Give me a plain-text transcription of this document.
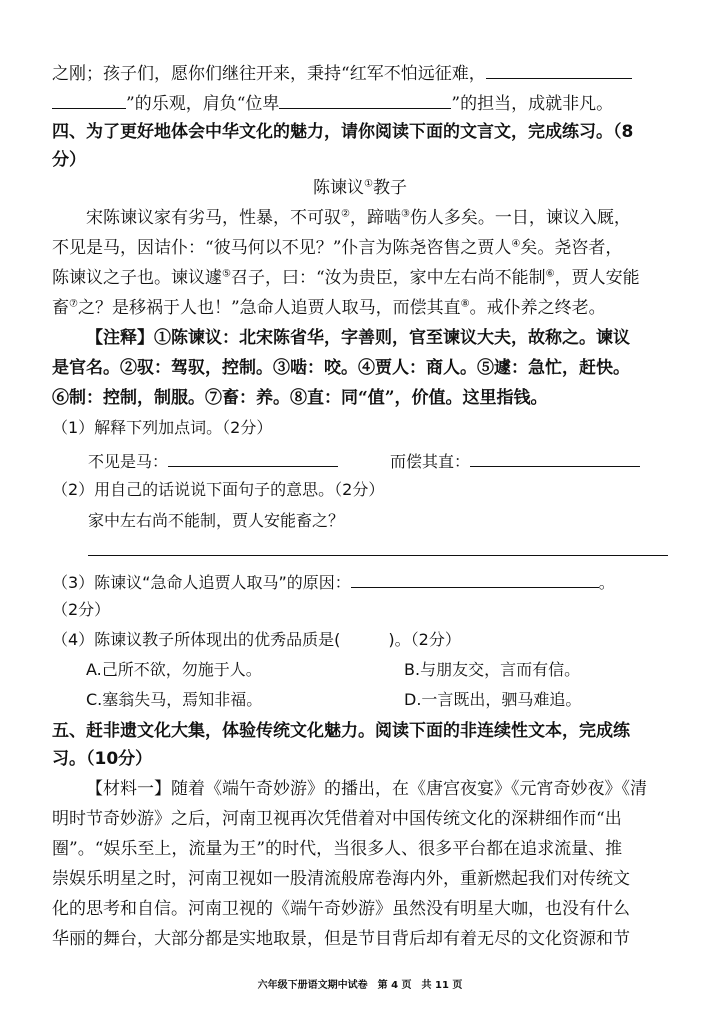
之刚；孩子们，愿你们继往开来，秉持“红军不怕远征难，
”的乐观，肩负“位卑	”的担当，成就非凡。
四、为了更好地体会中华文化的魅力，请你阅读下面的文言文，完成练习。（8
分）
陈谏议①教子
宋陈谏议家有劣马，性暴，不可驭②，蹄啮③伤人多矣。一日，谏议入厩，
不见是马，因诘仆：“彼马何以不见？”仆言为陈尧咨售之贾人④矣。尧咨者，
陈谏议之子也。谏议遽⑤召子，曰：“汝为贵臣，家中左右尚不能制⑥，贾人安能
畜⑦之？是移祸于人也！”急命人追贾人取马，而偿其直⑧。戒仆养之终老。
【注释】①陈谏议：北宋陈省华，字善则，官至谏议大夫，故称之。谏议
是官名。②驭：驾驭，控制。③啮：咬。④贾人：商人。⑤遽：急忙，赶快。
⑥制：控制，制服。⑦畜：养。⑧直：同“值”，价值。这里指钱。
（1）解释下列加点词。（2分）
不见是马：	而偿其直：
（2）用自己的话说说下面句子的意思。（2分）
家中左右尚不能制，贾人安能畜之？
（3）陈谏议“急命人追贾人取马”的原因：	。
（2分）
（4）陈谏议教子所体现出的优秀品质是(　　　)。（2分）
A.己所不欲，勿施于人。	B.与朋友交，言而有信。
C.塞翁失马，焉知非福。	D.一言既出，驷马难追。
五、赶非遗文化大集，体验传统文化魅力。阅读下面的非连续性文本，完成练
习。（10分）
【材料一】随着《端午奇妙游》的播出，在《唐宫夜宴》《元宵奇妙夜》《清
明时节奇妙游》之后，河南卫视再次凭借着对中国传统文化的深耕细作而“出
圈”。“娱乐至上，流量为王”的时代，当很多人、很多平台都在追求流量、推
崇娱乐明星之时，河南卫视如一股清流般席卷海内外，重新燃起我们对传统文
化的思考和自信。河南卫视的《端午奇妙游》虽然没有明星大咖，也没有什么
华丽的舞台，大部分都是实地取景，但是节目背后却有着无尽的文化资源和节
六年级下册语文期中试卷　第 4 页　共 11 页
